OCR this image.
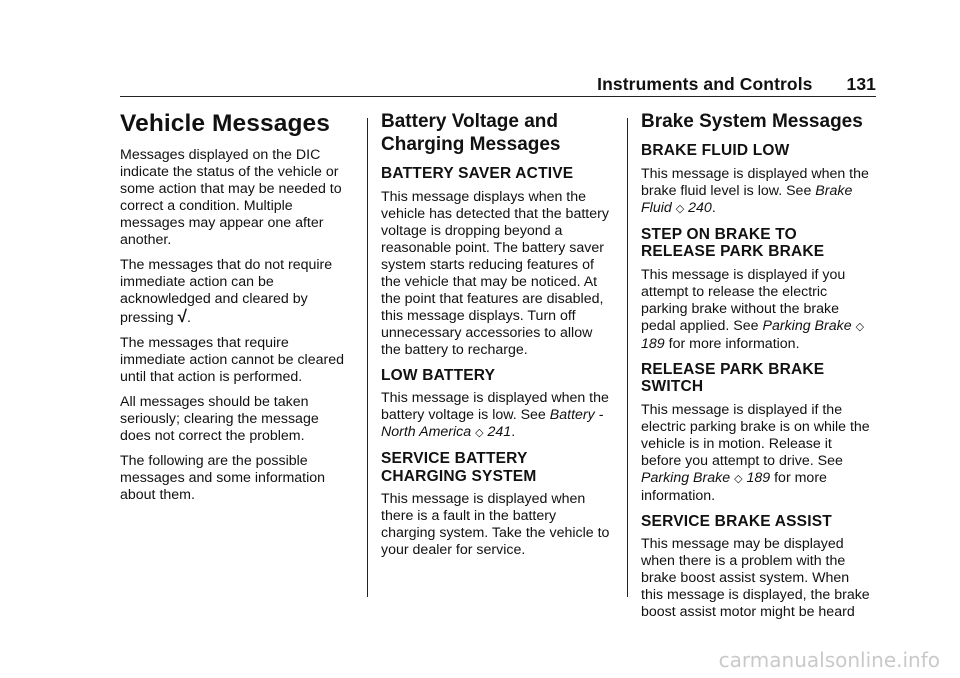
Instruments and Controls 131
Vehicle Messages

Messages displayed on the DIC indicate the status of the vehicle or some action that may be needed to correct a condition. Multiple messages may appear one after another.

The messages that do not require immediate action can be acknowledged and cleared by pressing √.

The messages that require immediate action cannot be cleared until that action is performed.

All messages should be taken seriously; clearing the message does not correct the problem.

The following are the possible messages and some information about them.

Battery Voltage and Charging Messages
BATTERY SAVER ACTIVE

This message displays when the vehicle has detected that the battery voltage is dropping beyond a reasonable point. The battery saver system starts reducing features of the vehicle that may be noticed. At the point that features are disabled, this message displays. Turn off unnecessary accessories to allow the battery to recharge.

LOW BATTERY

This message is displayed when the battery voltage is low. See Battery - North America ◇ 241.

SERVICE BATTERY CHARGING SYSTEM

This message is displayed when there is a fault in the battery charging system. Take the vehicle to your dealer for service.

Brake System Messages
BRAKE FLUID LOW

This message is displayed when the brake fluid level is low. See Brake Fluid ◇ 240.

STEP ON BRAKE TO RELEASE PARK BRAKE

This message is displayed if you attempt to release the electric parking brake without the brake pedal applied. See Parking Brake ◇ 189 for more information.

RELEASE PARK BRAKE SWITCH

This message is displayed if the electric parking brake is on while the vehicle is in motion. Release it before you attempt to drive. See Parking Brake ◇ 189 for more information.

SERVICE BRAKE ASSIST

This message may be displayed when there is a problem with the brake boost assist system. When this message is displayed, the brake boost assist motor might be heard

carmanualsonline.info
